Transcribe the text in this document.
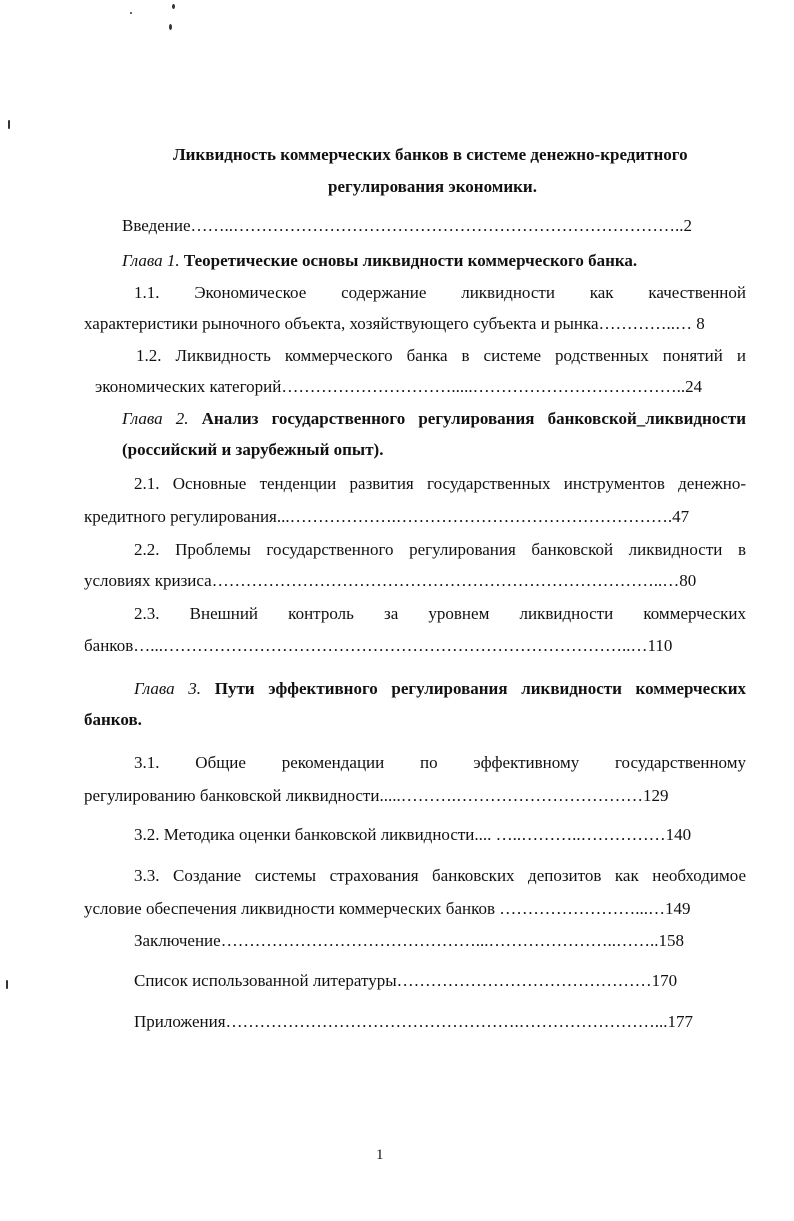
Ликвидность коммерческих банков в системе денежно-кредитного
регулирования экономики.
Введение……..……………………………………………………………………..2
Глава 1. Теоретические основы ликвидности коммерческого банка.
1.1. Экономическое содержание ликвидности как качественной
характеристики рыночного объекта, хозяйствующего субъекта и рынка…………..… 8
1.2. Ликвидность коммерческого банка в системе родственных понятий и
экономических категорий………………………….....………………………………..24
Глава 2. Анализ государственного регулирования банковской_ликвидности
(российский и зарубежный опыт).
2.1. Основные тенденции развития государственных инструментов денежно-
кредитного регулирования...……………….………………………………………….47
2.2. Проблемы государственного регулирования банковской ликвидности в
условиях кризиса……………………………………………………………………..…80
2.3. Внешний контроль за уровнем ликвидности коммерческих
банков…...………………………………………………………………………..…110
Глава 3. Пути эффективного регулирования ликвидности коммерческих
банков.
3.1. Общие рекомендации по эффективному государственному
регулированию банковской ликвидности.....……….……………………………129
3.2. Методика оценки банковской ликвидности.... …..………..……………140
3.3. Создание системы страхования банковских депозитов как необходимое
условие обеспечения ликвидности коммерческих банков ……………………...…149
Заключение………………………………………...…………………..……..158
Список использованной литературы………………………………………170
Приложения…………………………………………….……………………...177
1
